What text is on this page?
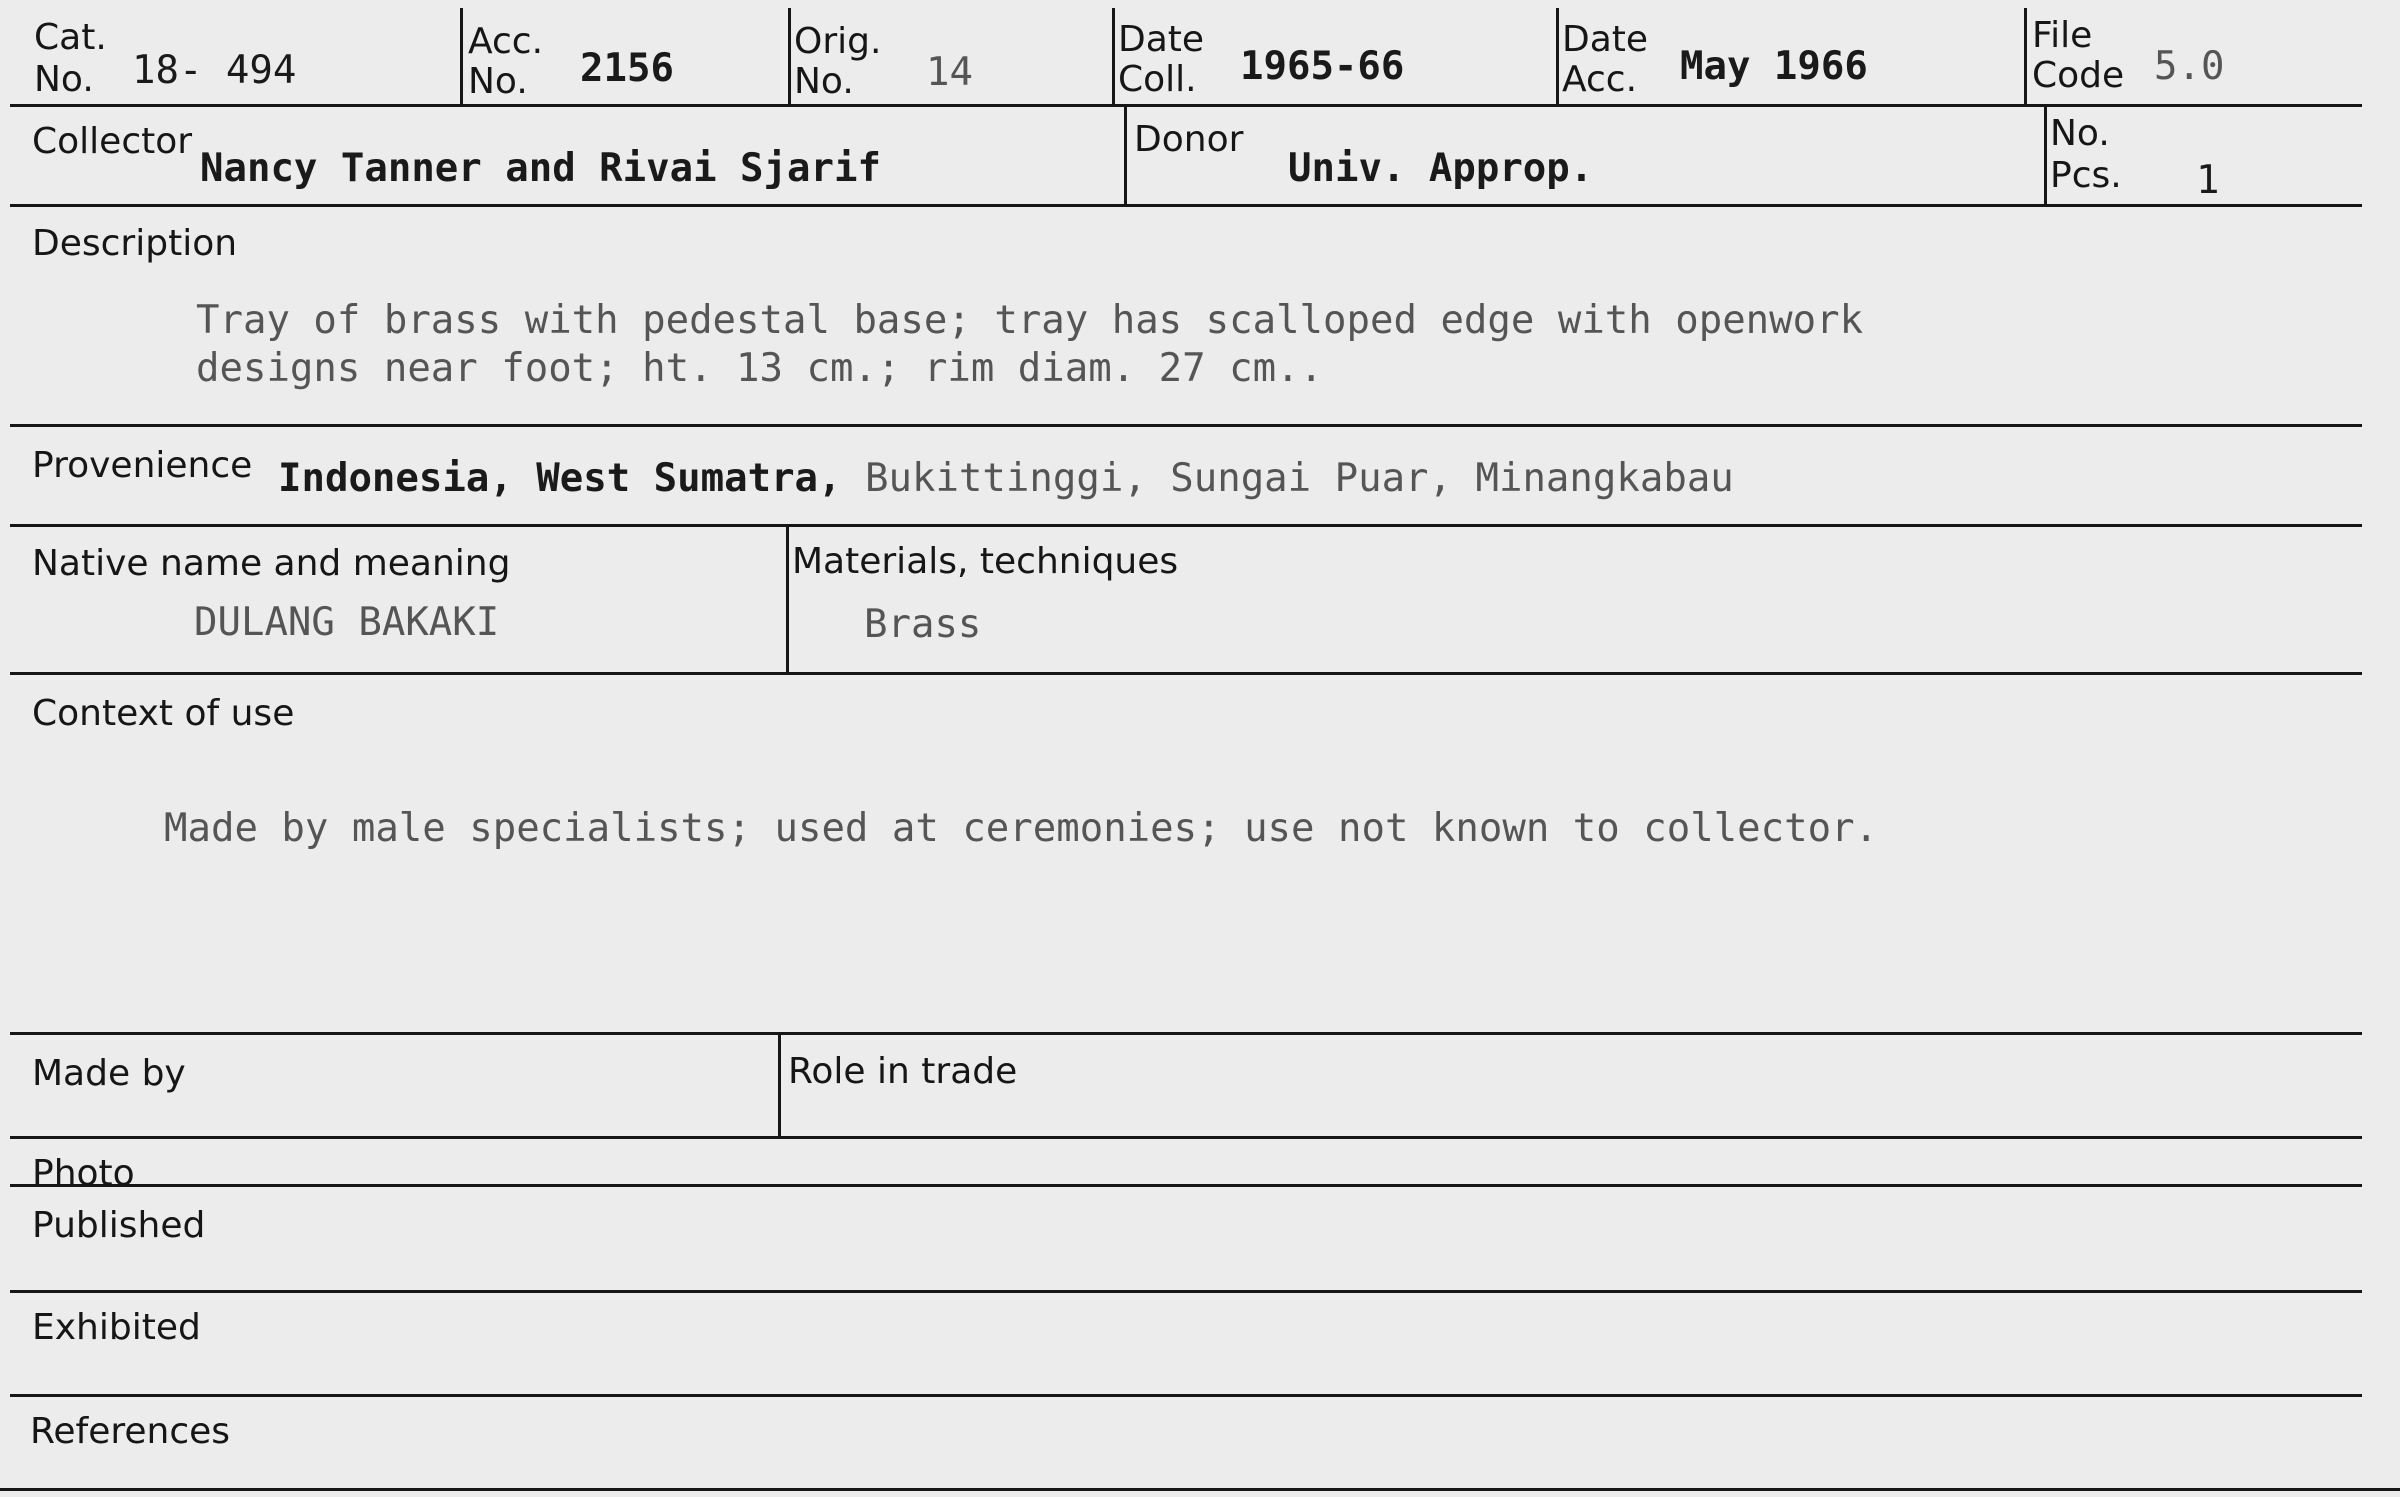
Cat.
No. 18- 494
Acc.
No. 2156
Orig.
No. 14
Date
Coll. 1965-66
Date
Acc. May 1966
File
Code 5.0
Collector
Nancy Tanner and Rivai Sjarif
Donor
Univ. Approp.
No.
Pcs. 1
Description
Tray of brass with pedestal base; tray has scalloped edge with openwork
designs near foot; ht. 13 cm.; rim diam. 27 cm..
Provenience Indonesia, West Sumatra, Bukittinggi, Sungai Puar, Minangkabau
Native name and meaning
DULANG BAKAKI
Materials, techniques
Brass
Context of use
Made by male specialists; used at ceremonies; use not known to collector.
Made by	Role in trade
Photo
Published
Exhibited
References
